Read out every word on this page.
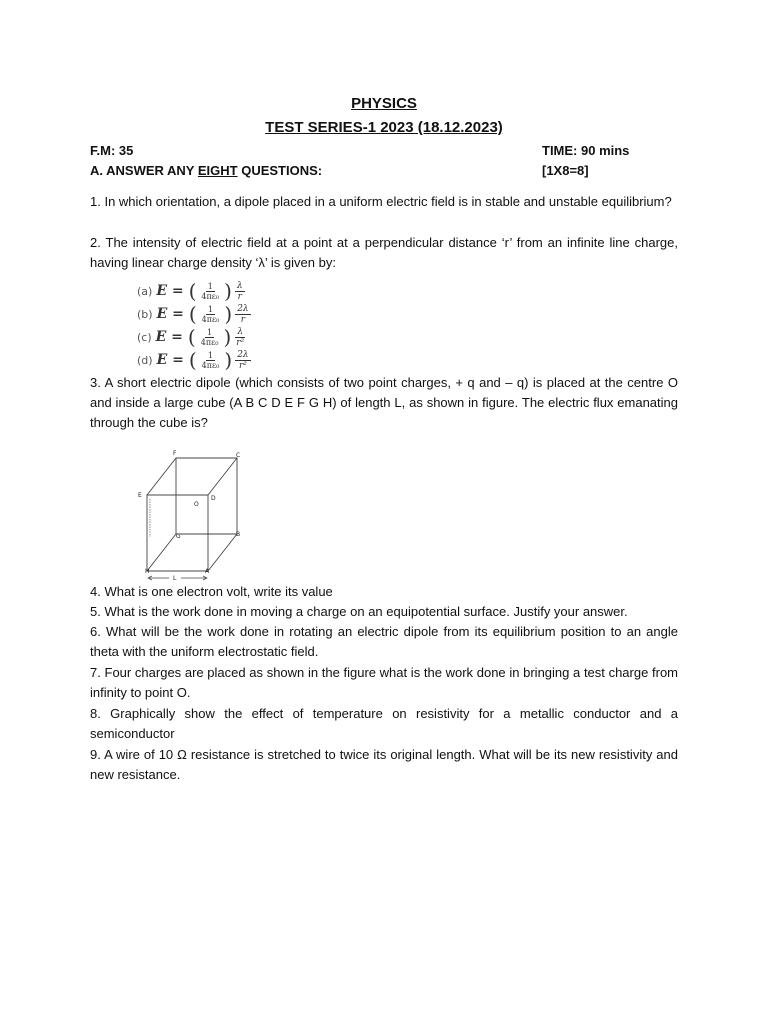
PHYSICS
TEST SERIES-1 2023 (18.12.2023)
F.M: 35	TIME: 90 mins
A. ANSWER ANY EIGHT QUESTIONS:	[1X8=8]
1. In which orientation, a dipole placed in a uniform electric field is in stable and unstable equilibrium?
2. The intensity of electric field at a point at a perpendicular distance ‘r’ from an infinite line charge, having linear charge density ‘λ’ is given by:
(a) E = ( $\frac{1}{\text{4πε₀}}$ ) $\frac{\lambda}{r}$
(b) E = ( $\frac{1}{\text{4πε₀}}$ ) $\frac{2\lambda}{r}$
(c) E = ( $\frac{1}{\text{4πε₀}}$ ) $\frac{\lambda}{\text{r²}}$
(d) E = ( $\frac{1}{\text{4πε₀}}$ ) $\frac{2\lambda}{\text{r²}}$
3. A short electric dipole (which consists of two point charges, + q and – q) is placed at the centre O and inside a large cube (A B C D E F G H) of length L, as shown in figure. The electric flux emanating through the cube is?
F	C
E	D
O
G	B
H	A
L
4. What is one electron volt, write its value
5. What is the work done in moving a charge on an equipotential surface. Justify your answer.
6. What will be the work done in rotating an electric dipole from its equilibrium position to an angle theta with the uniform electrostatic field.
7. Four charges are placed as shown in the figure what is the work done in bringing a test charge from infinity to point O.
8. Graphically show the effect of temperature on resistivity for a metallic conductor and a semiconductor
9. A wire of 10 Ω resistance is stretched to twice its original length. What will be its new resistivity and new resistance.
